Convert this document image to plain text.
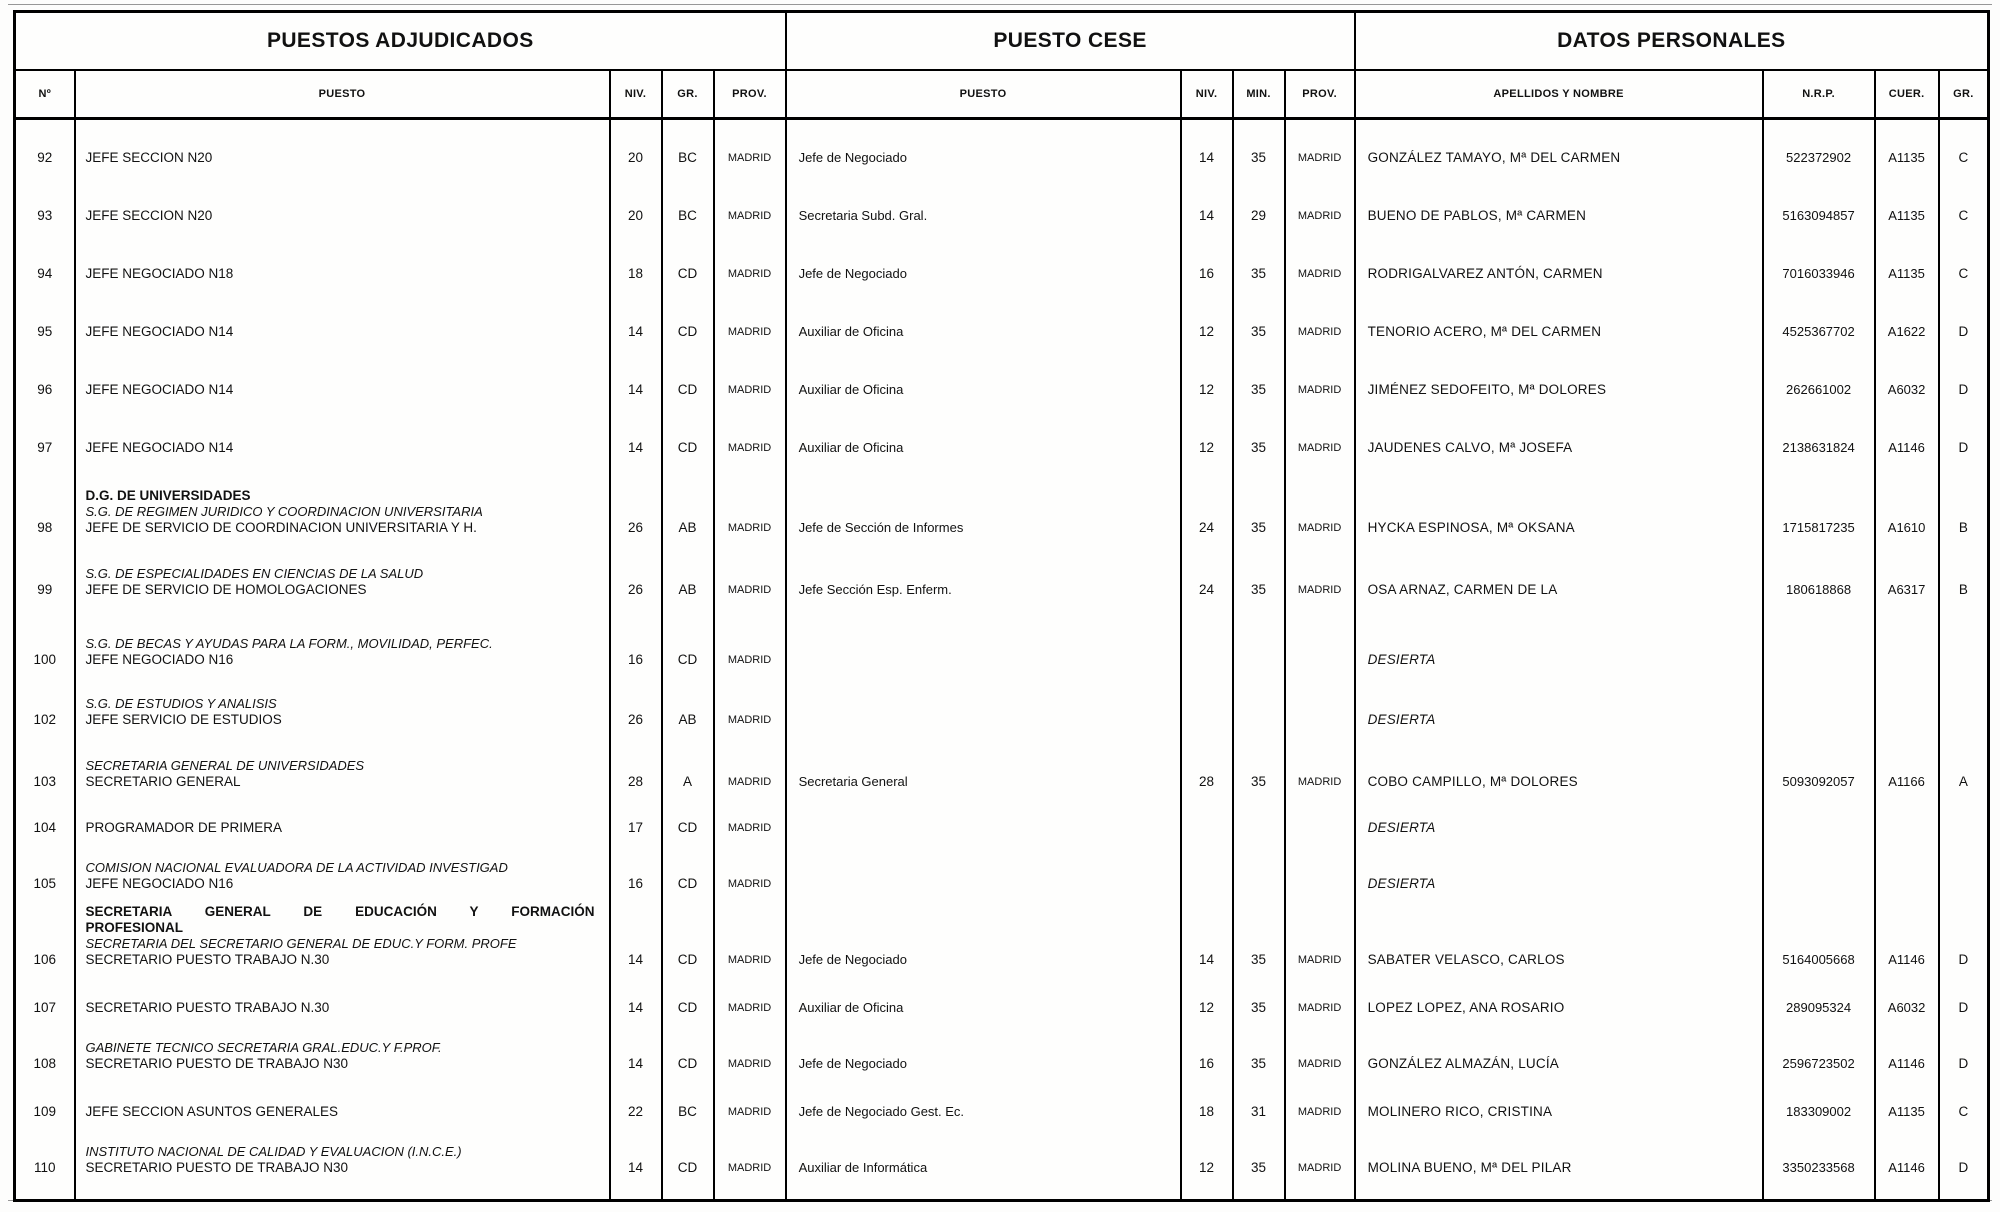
PUESTOS ADJUDICADOS					PUESTO CESE				DATOS PERSONALES			
Nº	PUESTO	NIV.	GR.	PROV.	PUESTO	NIV.	MIN.	PROV.	APELLIDOS Y NOMBRE	N.R.P.	CUER.	GR.
92	JEFE SECCION N20	20	BC	MADRID	Jefe de Negociado	14	35	MADRID	GONZÁLEZ TAMAYO, Mª DEL CARMEN	522372902	A1135	C
93	JEFE SECCION N20	20	BC	MADRID	Secretaria Subd. Gral.	14	29	MADRID	BUENO DE PABLOS, Mª CARMEN	5163094857	A1135	C
94	JEFE NEGOCIADO N18	18	CD	MADRID	Jefe de Negociado	16	35	MADRID	RODRIGALVAREZ ANTÓN, CARMEN	7016033946	A1135	C
95	JEFE NEGOCIADO N14	14	CD	MADRID	Auxiliar de Oficina	12	35	MADRID	TENORIO ACERO, Mª DEL CARMEN	4525367702	A1622	D
96	JEFE NEGOCIADO N14	14	CD	MADRID	Auxiliar de Oficina	12	35	MADRID	JIMÉNEZ SEDOFEITO, Mª DOLORES	262661002	A6032	D
97	JEFE NEGOCIADO N14	14	CD	MADRID	Auxiliar de Oficina	12	35	MADRID	JAUDENES CALVO, Mª JOSEFA	2138631824	A1146	D
98	D.G. DE UNIVERSIDADES
S.G. DE REGIMEN JURIDICO Y COORDINACION UNIVERSITARIA
JEFE DE SERVICIO DE COORDINACION UNIVERSITARIA Y H.	26	AB	MADRID	Jefe de Sección de Informes	24	35	MADRID	HYCKA ESPINOSA, Mª OKSANA	1715817235	A1610	B
99	S.G. DE ESPECIALIDADES EN CIENCIAS DE LA SALUD
JEFE DE SERVICIO DE HOMOLOGACIONES	26	AB	MADRID	Jefe Sección Esp. Enferm.	24	35	MADRID	OSA ARNAZ, CARMEN DE LA	180618868	A6317	B
100	S.G. DE BECAS Y AYUDAS PARA LA FORM., MOVILIDAD, PERFEC.
JEFE NEGOCIADO N16	16	CD	MADRID					DESIERTA			
102	S.G. DE ESTUDIOS Y ANALISIS
JEFE SERVICIO DE ESTUDIOS	26	AB	MADRID					DESIERTA			
103	SECRETARIA GENERAL DE UNIVERSIDADES
SECRETARIO GENERAL	28	A	MADRID	Secretaria General	28	35	MADRID	COBO CAMPILLO, Mª DOLORES	5093092057	A1166	A
104	PROGRAMADOR DE PRIMERA	17	CD	MADRID					DESIERTA			
105	COMISION NACIONAL EVALUADORA DE LA ACTIVIDAD INVESTIGAD
JEFE NEGOCIADO N16	16	CD	MADRID					DESIERTA			
106	SECRETARIA GENERAL DE EDUCACIÓN Y FORMACIÓN
PROFESIONAL
SECRETARIA DEL SECRETARIO GENERAL DE EDUC.Y FORM. PROFE
SECRETARIO PUESTO TRABAJO N.30	14	CD	MADRID	Jefe de Negociado	14	35	MADRID	SABATER VELASCO, CARLOS	5164005668	A1146	D
107	SECRETARIO PUESTO TRABAJO N.30	14	CD	MADRID	Auxiliar de Oficina	12	35	MADRID	LOPEZ LOPEZ, ANA ROSARIO	289095324	A6032	D
108	GABINETE TECNICO SECRETARIA GRAL.EDUC.Y F.PROF.
SECRETARIO PUESTO DE TRABAJO N30	14	CD	MADRID	Jefe de Negociado	16	35	MADRID	GONZÁLEZ ALMAZÁN, LUCÍA	2596723502	A1146	D
109	JEFE SECCION ASUNTOS GENERALES	22	BC	MADRID	Jefe de Negociado Gest. Ec.	18	31	MADRID	MOLINERO RICO, CRISTINA	183309002	A1135	C
110	INSTITUTO NACIONAL DE CALIDAD Y EVALUACION (I.N.C.E.)
SECRETARIO PUESTO DE TRABAJO N30	14	CD	MADRID	Auxiliar de Informática	12	35	MADRID	MOLINA BUENO, Mª DEL PILAR	3350233568	A1146	D
